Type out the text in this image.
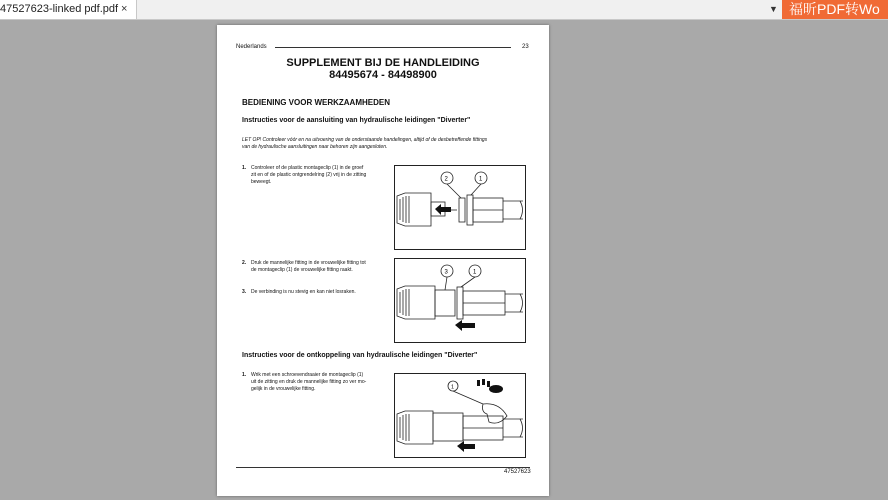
47527623-linked pdf.pdf ×	▼ 福昕PDF转Wo
Nederlands	23
SUPPLEMENT BIJ DE HANDLEIDING
84495674 - 84498900
BEDIENING VOOR WERKZAAMHEDEN
Instructies voor de aansluiting van hydraulische leidingen "Diverter"
LET OP! Controleer vóór en na uitvoering van de onderstaande handelingen, altijd of de desbetreffende fittings
van de hydraulische aansluitingen naar behoren zijn aangesloten.
1. Controleer of de plastic montageclip (1) in de groef
zit en of de plastic ontgrendelring (2) vrij in de zitting
beweegt.
2. Druk de mannelijke fitting in de vrouwelijke fitting tot
de montageclip (1) de vrouwelijke fitting raakt.
3. De verbinding is nu stevig en kan niet losraken.
Instructies voor de ontkoppeling van hydraulische leidingen "Diverter"
1. Wrik met een schroevendraaier de montageclip (1)
uit de zitting en druk de mannelijke fitting zo ver mo-
gelijk in de vrouwelijke fitting.
2	1
3	1
1
47527623
